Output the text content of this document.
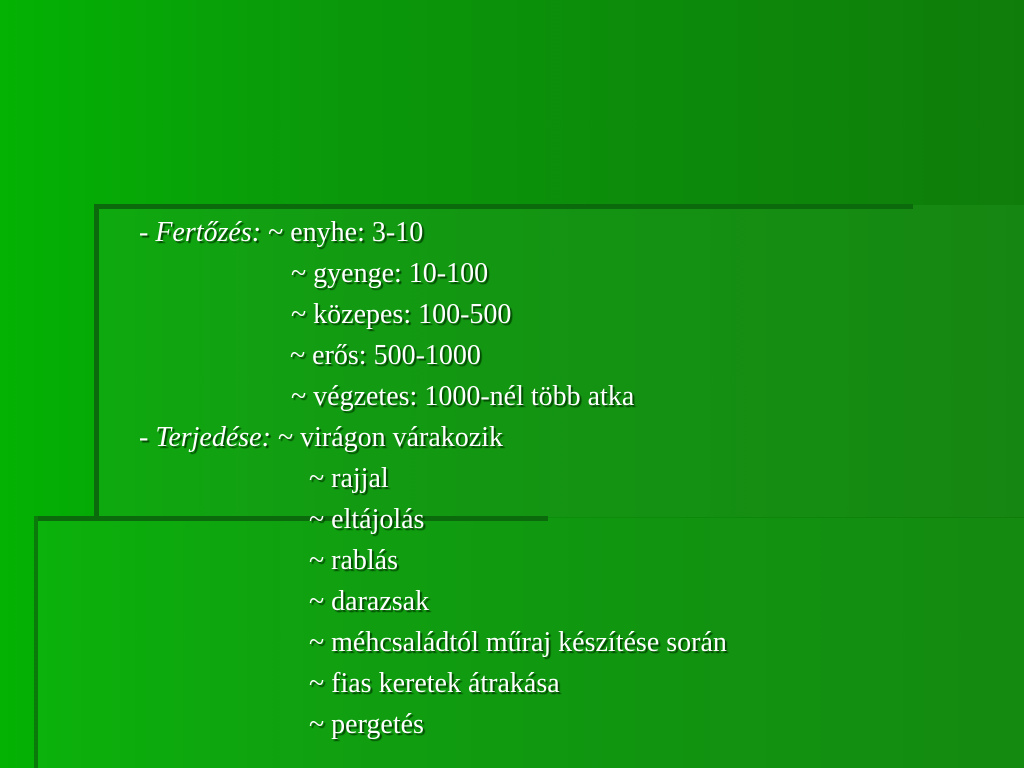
- Fertőzés: ~ enyhe: 3-10
~ gyenge: 10-100
~ közepes: 100-500
~ erős: 500-1000
~ végzetes: 1000-nél több atka
- Terjedése: ~ virágon várakozik
~ rajjal
~ eltájolás
~ rablás
~ darazsak
~ méhcsaládtól műraj készítése során
~ fias keretek átrakása
~ pergetés
